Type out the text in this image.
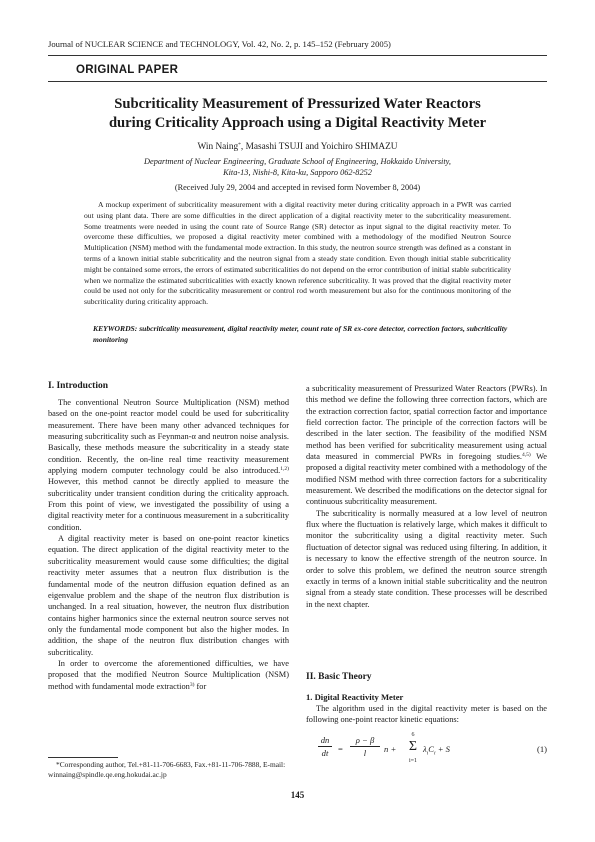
Journal of NUCLEAR SCIENCE and TECHNOLOGY, Vol. 42, No. 2, p. 145–152 (February 2005)
ORIGINAL PAPER
Subcriticality Measurement of Pressurized Water Reactors
during Criticality Approach using a Digital Reactivity Meter
Win Naing*, Masashi TSUJI and Yoichiro SHIMAZU
Department of Nuclear Engineering, Graduate School of Engineering, Hokkaido University,
Kita-13, Nishi-8, Kita-ku, Sapporo 062-8252
(Received July 29, 2004 and accepted in revised form November 8, 2004)
A mockup experiment of subcriticality measurement with a digital reactivity meter during criticality approach in a PWR was carried out using plant data. There are some difficulties in the direct application of a digital reactivity meter to the subcriticality measurement. Some treatments were needed in using the count rate of Source Range (SR) detector as input signal to the digital reactivity meter. To overcome these difficulties, we proposed a digital reactivity meter combined with a methodology of the modified Neutron Source Multiplication (NSM) method with the fundamental mode extraction. In this study, the neutron source strength was defined as a constant in terms of a known initial stable subcriticality and the neutron signal from a steady state condition. Even though initial stable subcriticality might be contained some errors, the errors of estimated subcriticalities do not depend on the error contribution of initial stable subcriticality when we normalize the estimated subcriticalities with exactly known reference subcriticality. It was proved that the digital reactivity meter could be used not only for the subcriticality measurement or control rod worth measurement but also for the continuous monitoring of the subcriticality during criticality approach.
KEYWORDS: subcriticality measurement, digital reactivity meter, count rate of SR ex-core detector, correction factors, subcriticality monitoring
I. Introduction

The conventional Neutron Source Multiplication (NSM) method based on the one-point reactor model could be used for subcriticality measurement. There have been many other advanced techniques for measuring subcriticality such as Feynman-α and neutron noise analysis. Basically, these methods measure the subcriticality in a steady state condition. Recently, the on-line real time reactivity measurement applying modern computer technology could be also introduced.$^{1,2)}$ However, this method cannot be directly applied to measure the subcriticality under transient condition during the criticality approach. From this point of view, we investigated the possibility of using a digital reactivity meter for a continuous measurement in a subcriticality condition.

A digital reactivity meter is based on one-point reactor kinetics equation. The direct application of the digital reactivity meter to the subcriticality measurement would cause some difficulties; the digital reactivity meter assumes that a neutron flux distribution is the fundamental mode of the neutron diffusion equation defined as an eigenvalue problem and the shape of the neutron flux distribution is unchanged. In a real situation, however, the neutron flux distribution contains higher harmonics since the external neutron source serves not only the fundamental mode component but also the higher modes. In addition, the shape of the neutron flux distribution changes with subcriticality.

In order to overcome the aforementioned difficulties, we have proposed that the modified Neutron Source Multiplication (NSM) method with fundamental mode extraction$^{3)}$ for

a subcriticality measurement of Pressurized Water Reactors (PWRs). In this method we define the following three correction factors, which are the extraction correction factor, spatial correction factor and importance field correction factor. The principle of the correction factors will be described in the later section. The feasibility of the modified NSM method has been verified for subcriticality measurement using actual data measured in commercial PWRs in foregoing studies.$^{4,5)}$ We proposed a digital reactivity meter combined with a methodology of the modified NSM method with three correction factors for a subcriticality measurement. We described the modifications on the detector signal for continuous subcriticality measurement.

The subcriticality is normally measured at a low level of neutron flux where the fluctuation is relatively large, which makes it difficult to monitor the subcriticality using a digital reactivity meter. Such fluctuation of detector signal was reduced using filtering. In addition, it is necessary to know the effective strength of the neutron source. In order to solve this problem, we defined the neutron source strength exactly in terms of a known initial stable subcriticality and the neutron signal from a steady state condition. These processes will be described in the next chapter.

II. Basic Theory
1. Digital Reactivity Meter
The algorithm used in the digital reactivity meter is based on the following one-point reactor kinetic equations:
dn
dt	=
ρ − β
l	n +
6
Σ
i=1
$\lambda_iC_i + S$	(1)
*Corresponding author, Tel.+81-11-706-6683, Fax.+81-11-706-7888, E-mail: winnaing@spindle.qe.eng.hokudai.ac.jp
145
